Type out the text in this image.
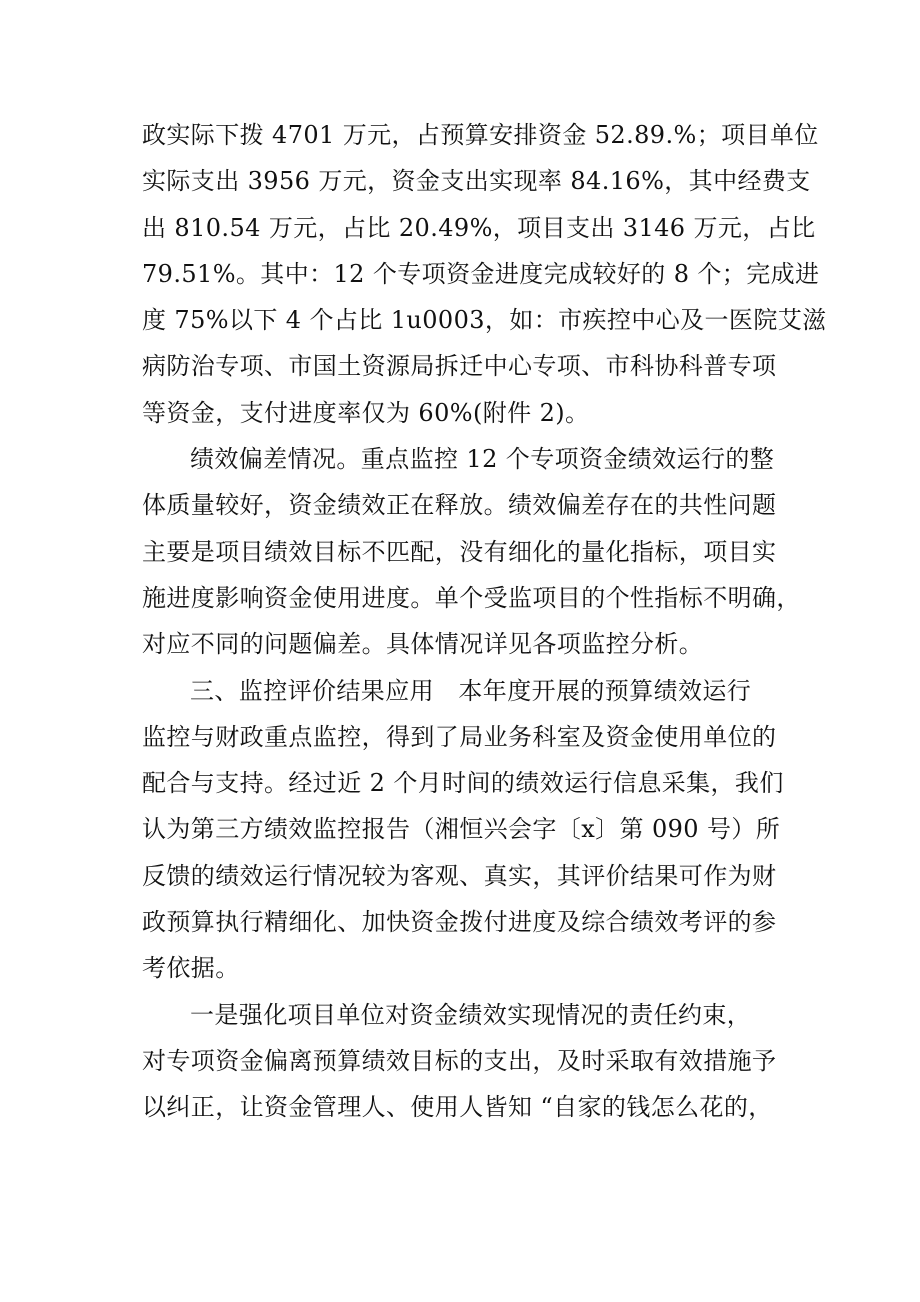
政实际下拨 4701 万元，占预算安排资金 52.89.%；项目单位
实际支出 3956 万元，资金支出实现率 84.16%，其中经费支
出 810.54 万元，占比 20.49%，项目支出 3146 万元，占比
79.51%。其中：12 个专项资金进度完成较好的 8 个；完成进
度 75%以下 4 个占比 1u0003，如：市疾控中心及一医院艾滋
病防治专项、市国土资源局拆迁中心专项、市科协科普专项
等资金，支付进度率仅为 60%(附件 2)。

绩效偏差情况。重点监控 12 个专项资金绩效运行的整
体质量较好，资金绩效正在释放。绩效偏差存在的共性问题
主要是项目绩效目标不匹配，没有细化的量化指标，项目实
施进度影响资金使用进度。单个受监项目的个性指标不明确，
对应不同的问题偏差。具体情况详见各项监控分析。

三、监控评价结果应用　本年度开展的预算绩效运行
监控与财政重点监控，得到了局业务科室及资金使用单位的
配合与支持。经过近 2 个月时间的绩效运行信息采集，我们
认为第三方绩效监控报告（湘恒兴会字〔x〕第 090 号）所
反馈的绩效运行情况较为客观、真实，其评价结果可作为财
政预算执行精细化、加快资金拨付进度及综合绩效考评的参
考依据。

一是强化项目单位对资金绩效实现情况的责任约束，
对专项资金偏离预算绩效目标的支出，及时采取有效措施予
以纠正，让资金管理人、使用人皆知 “自家的钱怎么花的，
